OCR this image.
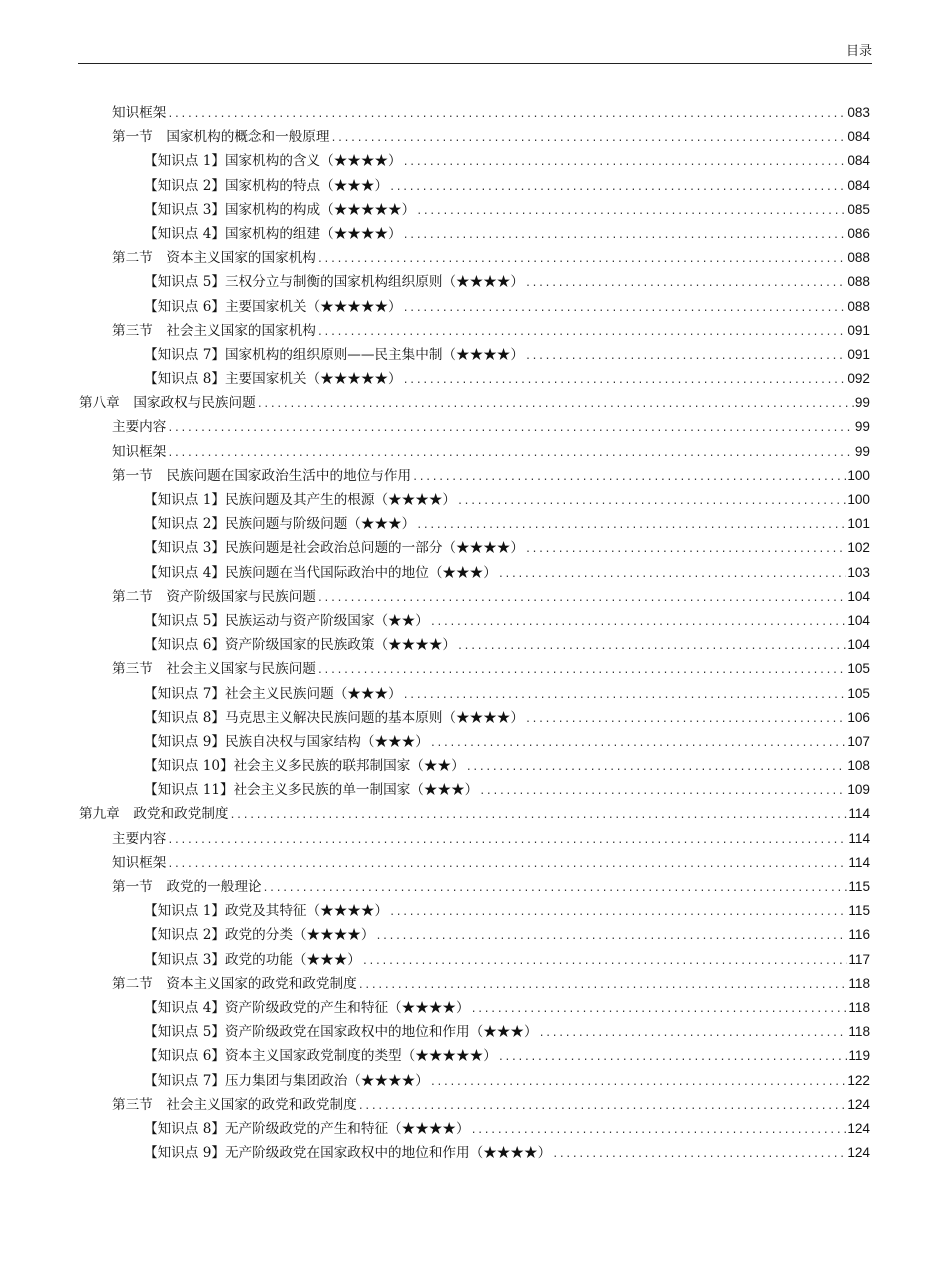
目录
知识框架 .....	083
第一节　国家机构的概念和一般原理 .....	084
【知识点 1】国家机构的含义（★★★★） .....	084
【知识点 2】国家机构的特点（★★★） .....	084
【知识点 3】国家机构的构成（★★★★★） .....	085
【知识点 4】国家机构的组建（★★★★） .....	086
第二节　资本主义国家的国家机构 .....	088
【知识点 5】三权分立与制衡的国家机构组织原则（★★★★） .....	088
【知识点 6】主要国家机关（★★★★★） .....	088
第三节　社会主义国家的国家机构 .....	091
【知识点 7】国家机构的组织原则——民主集中制（★★★★） .....	091
【知识点 8】主要国家机关（★★★★★） .....	092
第八章　国家政权与民族问题 .....	99
主要内容 .....	99
知识框架 .....	99
第一节　民族问题在国家政治生活中的地位与作用 .....	100
【知识点 1】民族问题及其产生的根源（★★★★） .....	100
【知识点 2】民族问题与阶级问题（★★★） .....	101
【知识点 3】民族问题是社会政治总问题的一部分（★★★★） .....	102
【知识点 4】民族问题在当代国际政治中的地位（★★★） .....	103
第二节　资产阶级国家与民族问题 .....	104
【知识点 5】民族运动与资产阶级国家（★★） .....	104
【知识点 6】资产阶级国家的民族政策（★★★★） .....	104
第三节　社会主义国家与民族问题 .....	105
【知识点 7】社会主义民族问题（★★★） .....	105
【知识点 8】马克思主义解决民族问题的基本原则（★★★★） .....	106
【知识点 9】民族自决权与国家结构（★★★） .....	107
【知识点 10】社会主义多民族的联邦制国家（★★） .....	108
【知识点 11】社会主义多民族的单一制国家（★★★） .....	109
第九章　政党和政党制度 .....	114
主要内容 .....	114
知识框架 .....	114
第一节　政党的一般理论 .....	115
【知识点 1】政党及其特征（★★★★） .....	115
【知识点 2】政党的分类（★★★★） .....	116
【知识点 3】政党的功能（★★★） .....	117
第二节　资本主义国家的政党和政党制度 .....	118
【知识点 4】资产阶级政党的产生和特征（★★★★） .....	118
【知识点 5】资产阶级政党在国家政权中的地位和作用（★★★） .....	118
【知识点 6】资本主义国家政党制度的类型（★★★★★） .....	119
【知识点 7】压力集团与集团政治（★★★★） .....	122
第三节　社会主义国家的政党和政党制度 .....	124
【知识点 8】无产阶级政党的产生和特征（★★★★） .....	124
【知识点 9】无产阶级政党在国家政权中的地位和作用（★★★★） .....	124
